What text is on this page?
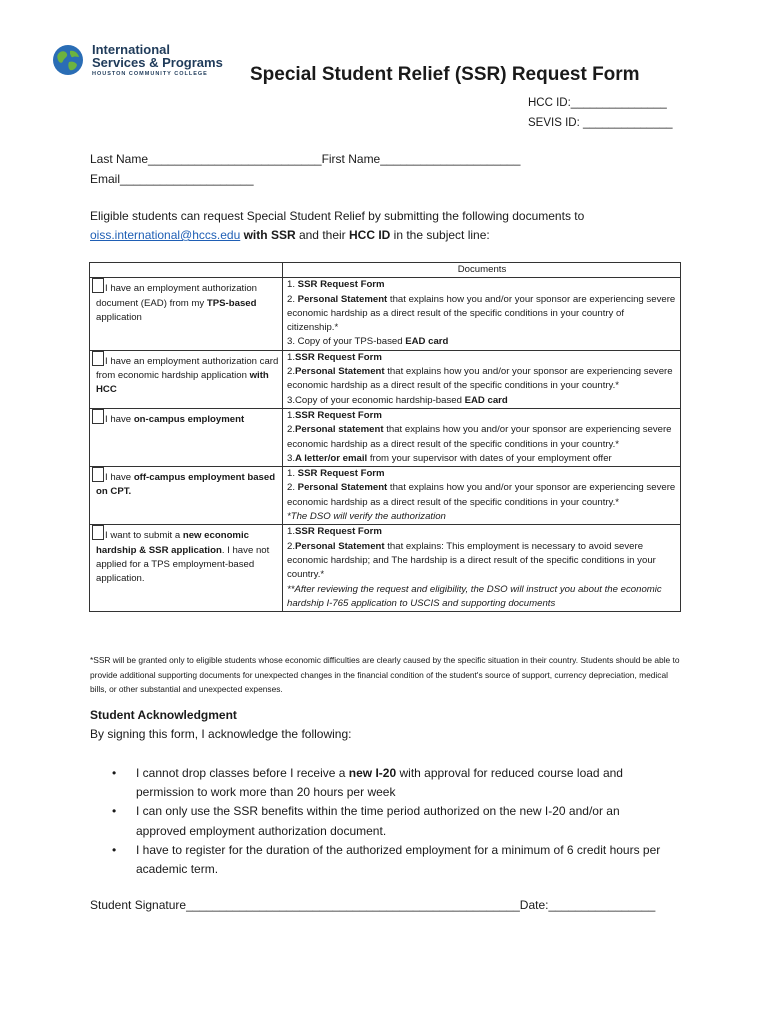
International
Services & Programs
HOUSTON COMMUNITY COLLEGE Special Student Relief (SSR) Request Form
HCC ID:_______________
SEVIS ID: ______________
Last Name__________________________First Name_____________________
Email____________________
Eligible students can request Special Student Relief by submitting the following documents to
oiss.international@hccs.edu with SSR and their HCC ID in the subject line:
	Documents
I have an employment authorization document (EAD) from my TPS-based application	1. SSR Request Form
2. Personal Statement that explains how you and/or your sponsor are experiencing severe economic hardship as a direct result of the specific conditions in your country of citizenship.*
3. Copy of your TPS-based EAD card

I have an employment authorization card from economic hardship application with HCC	1.SSR Request Form
2.Personal Statement that explains how you and/or your sponsor are experiencing severe economic hardship as a direct result of the specific conditions in your country.*
3.Copy of your economic hardship-based EAD card

I have on-campus employment	1.SSR Request Form
2.Personal statement that explains how you and/or your sponsor are experiencing severe economic hardship as a direct result of the specific conditions in your country.*
3.A letter/or email from your supervisor with dates of your employment offer

I have off-campus employment based on CPT.	1. SSR Request Form
2. Personal Statement that explains how you and/or your sponsor are experiencing severe economic hardship as a direct result of the specific conditions in your country.*
*The DSO will verify the authorization

I want to submit a new economic hardship & SSR application. I have not applied for a TPS employment-based application.	1.SSR Request Form
2.Personal Statement that explains: This employment is necessary to avoid severe economic hardship; and The hardship is a direct result of the specific conditions in your country.*
**After reviewing the request and eligibility, the DSO will instruct you about the economic hardship I-765 application to USCIS and supporting documents
*SSR will be granted only to eligible students whose economic difficulties are clearly caused by the specific situation in their country. Students should be able to provide additional supporting documents for unexpected changes in the financial condition of the student's source of support, currency depreciation, medical bills, or other substantial and unexpected expenses.
Student Acknowledgment
By signing this form, I acknowledge the following:
• I cannot drop classes before I receive a new I-20 with approval for reduced course load and permission to work more than 20 hours per week
• I can only use the SSR benefits within the time period authorized on the new I-20 and/or an approved employment authorization document.
• I have to register for the duration of the authorized employment for a minimum of 6 credit hours per academic term.
Student Signature__________________________________________________Date:________________
